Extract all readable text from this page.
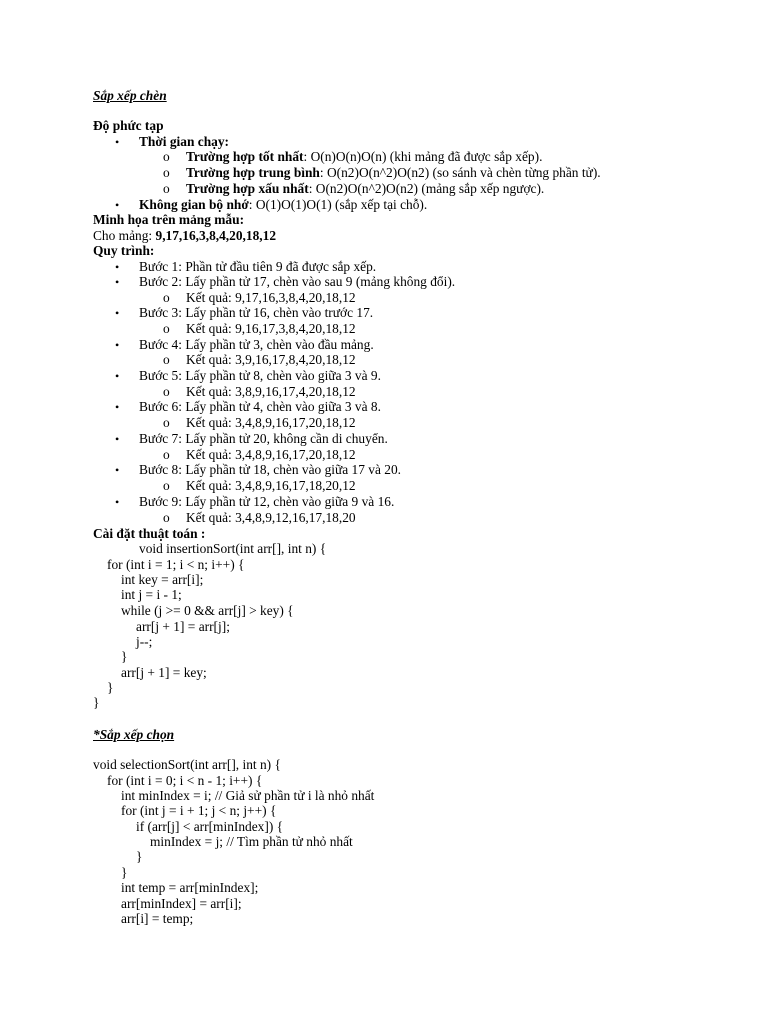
Sắp xếp chèn
Độ phức tạp
• Thời gian chạy:
o Trường hợp tốt nhất: O(n)O(n)O(n) (khi mảng đã được sắp xếp).
o Trường hợp trung bình: O(n2)O(n^2)O(n2) (so sánh và chèn từng phần tử).
o Trường hợp xấu nhất: O(n2)O(n^2)O(n2) (mảng sắp xếp ngược).
• Không gian bộ nhớ: O(1)O(1)O(1) (sắp xếp tại chỗ).
Minh họa trên mảng mẫu:
Cho mảng: 9,17,16,3,8,4,20,18,12
Quy trình:
• Bước 1: Phần tử đầu tiên 9 đã được sắp xếp.
• Bước 2: Lấy phần tử 17, chèn vào sau 9 (mảng không đổi).
o Kết quả: 9,17,16,3,8,4,20,18,12
• Bước 3: Lấy phần tử 16, chèn vào trước 17.
o Kết quả: 9,16,17,3,8,4,20,18,12
• Bước 4: Lấy phần tử 3, chèn vào đầu mảng.
o Kết quả: 3,9,16,17,8,4,20,18,12
• Bước 5: Lấy phần tử 8, chèn vào giữa 3 và 9.
o Kết quả: 3,8,9,16,17,4,20,18,12
• Bước 6: Lấy phần tử 4, chèn vào giữa 3 và 8.
o Kết quả: 3,4,8,9,16,17,20,18,12
• Bước 7: Lấy phần tử 20, không cần di chuyển.
o Kết quả: 3,4,8,9,16,17,20,18,12
• Bước 8: Lấy phần tử 18, chèn vào giữa 17 và 20.
o Kết quả: 3,4,8,9,16,17,18,20,12
• Bước 9: Lấy phần tử 12, chèn vào giữa 9 và 16.
o Kết quả: 3,4,8,9,12,16,17,18,20
Cài đặt thuật toán :
void insertionSort(int arr[], int n) {
for (int i = 1; i < n; i++) {
int key = arr[i];
int j = i - 1;
while (j >= 0 && arr[j] > key) {
arr[j + 1] = arr[j];
j--;
}
arr[j + 1] = key;
}
}
*Sắp xếp chọn
void selectionSort(int arr[], int n) {
for (int i = 0; i < n - 1; i++) {
int minIndex = i; // Giả sử phần tử i là nhỏ nhất
for (int j = i + 1; j < n; j++) {
if (arr[j] < arr[minIndex]) {
minIndex = j; // Tìm phần tử nhỏ nhất
}
}
int temp = arr[minIndex];
arr[minIndex] = arr[i];
arr[i] = temp;
